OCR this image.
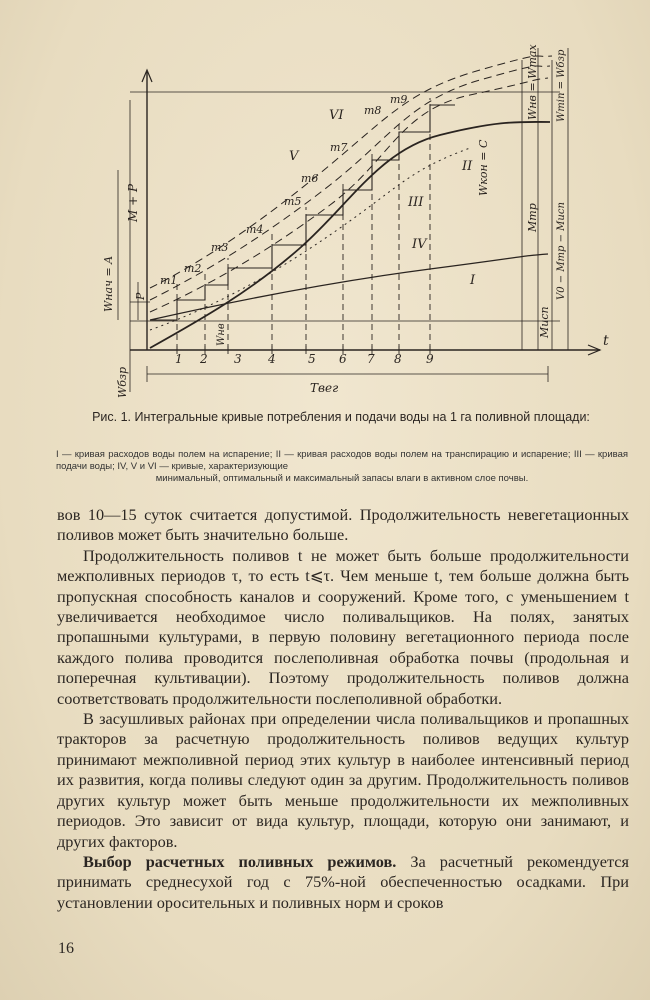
I
II
III
IV
V
VI
m1
m2
m3
m4
m5
m6
m7
m8
m9
1 2 3 4	5 6 7 8 9
t
Tвег
Wнач = A
M + P
P
Wбзр
Wнв
Wнв = Wmax Wmin = Wбзр
Wкон = C
Mтр V0 − Mтр − Mисп
Mисп
Рис. 1. Интегральные кривые потребления и подачи воды на 1 га поливной площади:
I — кривая расходов воды полем на испарение; II — кривая расходов воды полем на транспирацию и испарение; III — кривая подачи воды; IV, V и VI — кривые, характеризующие
минимальный, оптимальный и максимальный запасы влаги в активном слое почвы.

вов 10—15 суток считается допустимой. Продолжительность невегетационных поливов может быть значительно больше.

Продолжительность поливов t не может быть больше продолжительности межполивных периодов τ, то есть t⩽τ. Чем меньше t, тем больше должна быть пропускная способность каналов и сооружений. Кроме того, с уменьшением t увеличивается необходимое число поливальщиков. На полях, занятых пропашными культурами, в первую половину вегетационного периода после каждого полива проводится послеполивная обработка почвы (продольная и поперечная культивации). Поэтому продолжительность поливов должна соответствовать продолжительности послеполивной обработки.

В засушливых районах при определении числа поливальщиков и пропашных тракторов за расчетную продолжительность поливов ведущих культур принимают межполивной период этих культур в наиболее интенсивный период их развития, когда поливы следуют один за другим. Продолжительность поливов других культур может быть меньше продолжительности их межполивных периодов. Это зависит от вида культур, площади, которую они занимают, и других факторов.

Выбор расчетных поливных режимов. За расчетный рекомендуется принимать среднесухой год с 75%-ной обеспеченностью осадками. При установлении оросительных и поливных норм и сроков

16
